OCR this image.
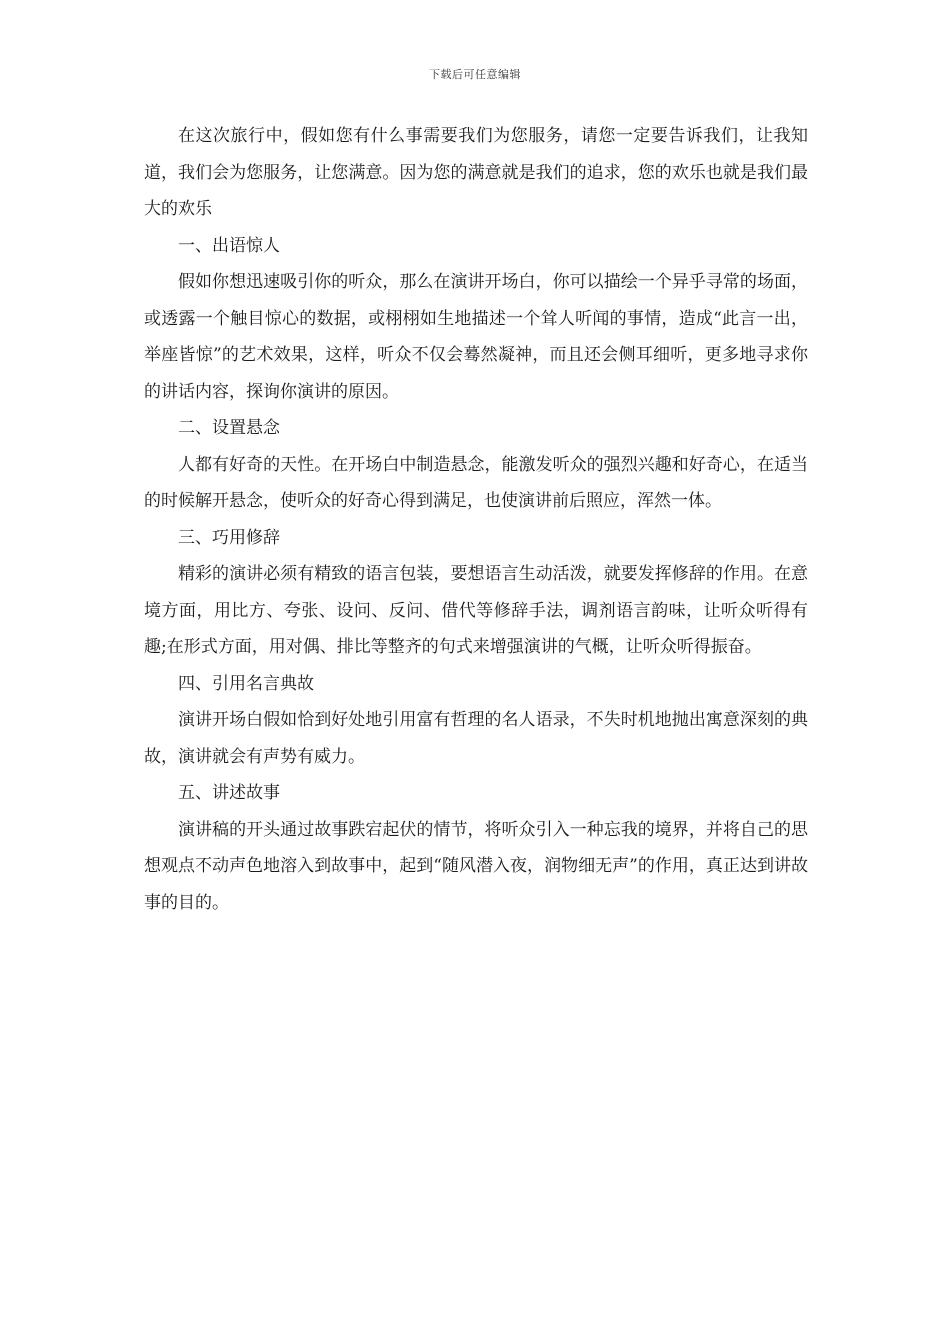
下载后可任意编辑

在这次旅行中，假如您有什么事需要我们为您服务，请您一定要告诉我们，让我知道，我们会为您服务，让您满意。因为您的满意就是我们的追求，您的欢乐也就是我们最大的欢乐

一、出语惊人

假如你想迅速吸引你的听众，那么在演讲开场白，你可以描绘一个异乎寻常的场面，或透露一个触目惊心的数据，或栩栩如生地描述一个耸人听闻的事情，造成“此言一出，举座皆惊”的艺术效果，这样，听众不仅会蓦然凝神，而且还会侧耳细听，更多地寻求你的讲话内容，探询你演讲的原因。

二、设置悬念

人都有好奇的天性。在开场白中制造悬念，能激发听众的强烈兴趣和好奇心，在适当的时候解开悬念，使听众的好奇心得到满足，也使演讲前后照应，浑然一体。

三、巧用修辞

精彩的演讲必须有精致的语言包装，要想语言生动活泼，就要发挥修辞的作用。在意境方面，用比方、夸张、设问、反问、借代等修辞手法，调剂语言韵味，让听众听得有趣;在形式方面，用对偶、排比等整齐的句式来增强演讲的气概，让听众听得振奋。

四、引用名言典故

演讲开场白假如恰到好处地引用富有哲理的名人语录，不失时机地抛出寓意深刻的典故，演讲就会有声势有威力。

五、讲述故事

演讲稿的开头通过故事跌宕起伏的情节，将听众引入一种忘我的境界，并将自己的思想观点不动声色地溶入到故事中，起到“随风潜入夜，润物细无声”的作用，真正达到讲故事的目的。
